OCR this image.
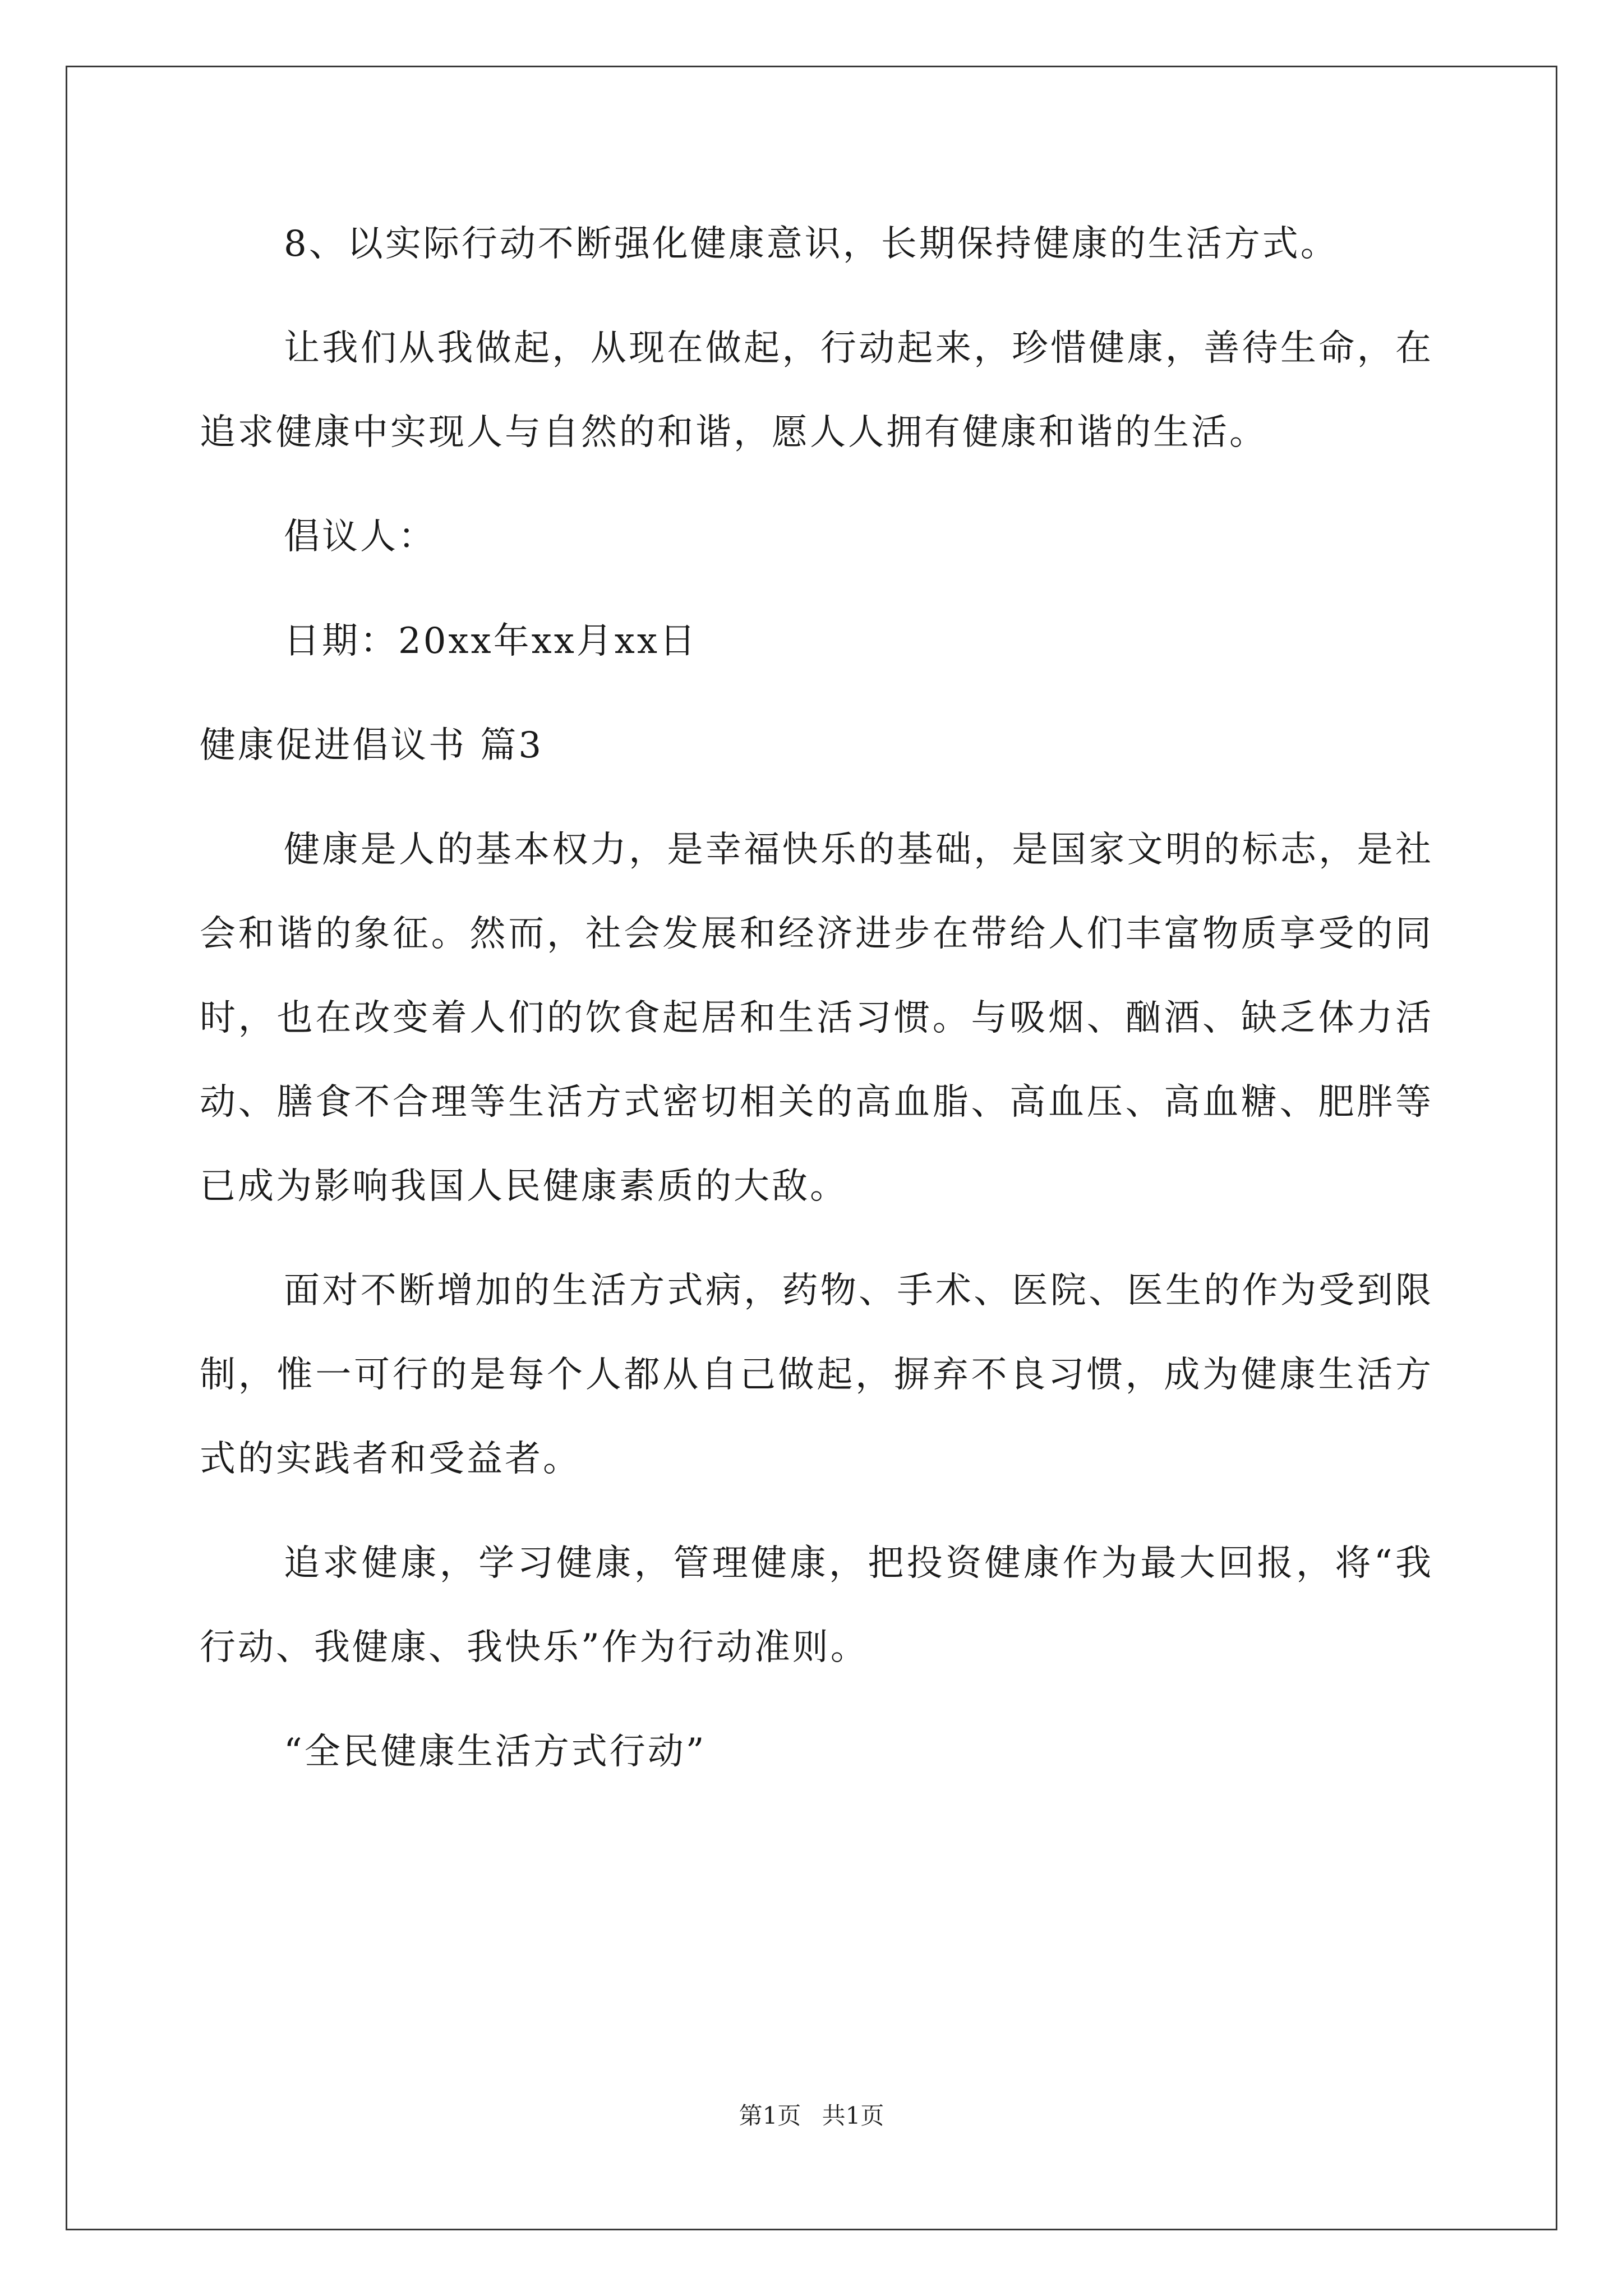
8、以实际行动不断强化健康意识，长期保持健康的生活方式。

让我们从我做起，从现在做起，行动起来，珍惜健康，善待生命，在追求健康中实现人与自然的和谐，愿人人拥有健康和谐的生活。

倡议人：

日期：20xx年xx月xx日

健康促进倡议书 篇3

健康是人的基本权力，是幸福快乐的基础，是国家文明的标志，是社会和谐的象征。然而，社会发展和经济进步在带给人们丰富物质享受的同时，也在改变着人们的饮食起居和生活习惯。与吸烟、酗酒、缺乏体力活动、膳食不合理等生活方式密切相关的高血脂、高血压、高血糖、肥胖等已成为影响我国人民健康素质的大敌。

面对不断增加的生活方式病，药物、手术、医院、医生的作为受到限制，惟一可行的是每个人都从自己做起，摒弃不良习惯，成为健康生活方式的实践者和受益者。

追求健康，学习健康，管理健康，把投资健康作为最大回报，将“我行动、我健康、我快乐”作为行动准则。

“全民健康生活方式行动”

第1页 共1页
